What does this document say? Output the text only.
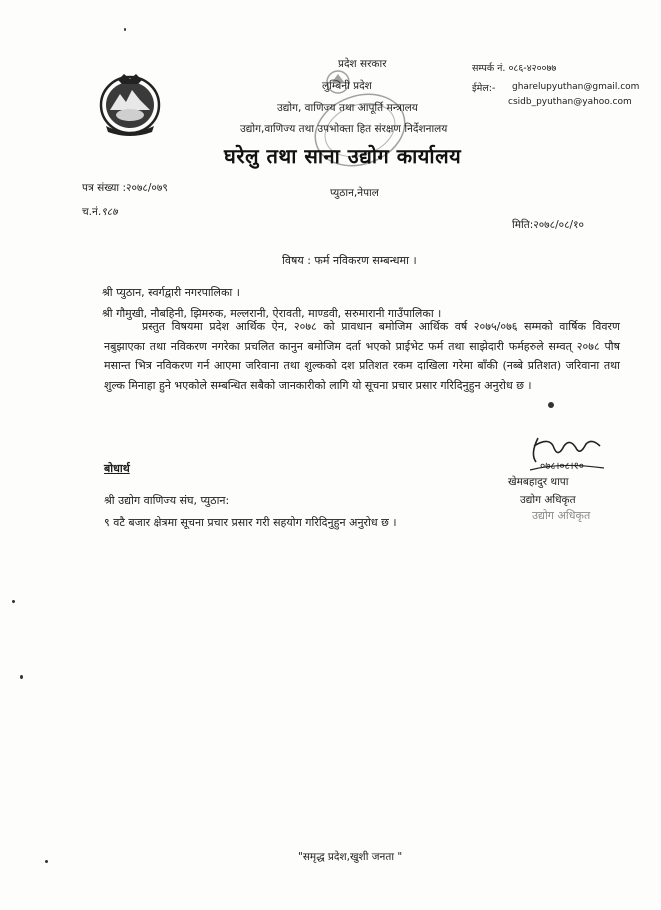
प्रदेश सरकार
लुम्बिनी प्रदेश
उद्योग, वाणिज्य तथा आपूर्ति मन्त्रालय
उद्योग,वाणिज्य तथा उपभोक्ता हित संरक्षण निर्देशनालय
घरेलु तथा साना उद्योग कार्यालय
प्युठान,नेपाल
सम्पर्क नं. ०८६-४२००७७
ईमेल:- gharelupyuthan@gmail.com
csidb_pyuthan@yahoo.com
पत्र संख्या :२०७८/०७९
च.नं.९८७
मिति:२०७८/०८/१०
विषय : फर्म नविकरण सम्बन्धमा ।
श्री प्युठान, स्वर्गद्वारी नगरपालिका ।
श्री गौमुखी, नौबहिनी, झिमरुक, मल्लरानी, ऐरावती, माण्डवी, सरुमारानी गाउँपालिका ।
प्रस्तुत विषयमा प्रदेश आर्थिक ऐन, २०७८ को प्रावधान बमोजिम आर्थिक वर्ष २०७५/०७६ सम्मको वार्षिक विवरण नबुझाएका तथा नविकरण नगरेका प्रचलित कानुन बमोजिम दर्ता भएको प्राईभेट फर्म तथा साझेदारी फर्महरुले सम्वत् २०७८ पौष मसान्त भित्र नविकरण गर्न आएमा जरिवाना तथा शुल्कको दश प्रतिशत रकम दाखिला गरेमा बाँकी (नब्बे प्रतिशत) जरिवाना तथा शुल्क मिनाहा हुने भएकोले सम्बन्धित सबैको जानकारीको लागि यो सूचना प्रचार प्रसार गरिदिनुहुन अनुरोध छ ।
०७८।०८।१०
खेमबहादुर थापा
उद्योग अधिकृत
उद्योग अधिकृत
बोधार्थ
श्री उद्योग वाणिज्य संघ, प्युठान:
९ वटै बजार क्षेत्रमा सूचना प्रचार प्रसार गरी सहयोग गरिदिनुहुन अनुरोध छ ।
"समृद्ध प्रदेश,खुशी जनता "
